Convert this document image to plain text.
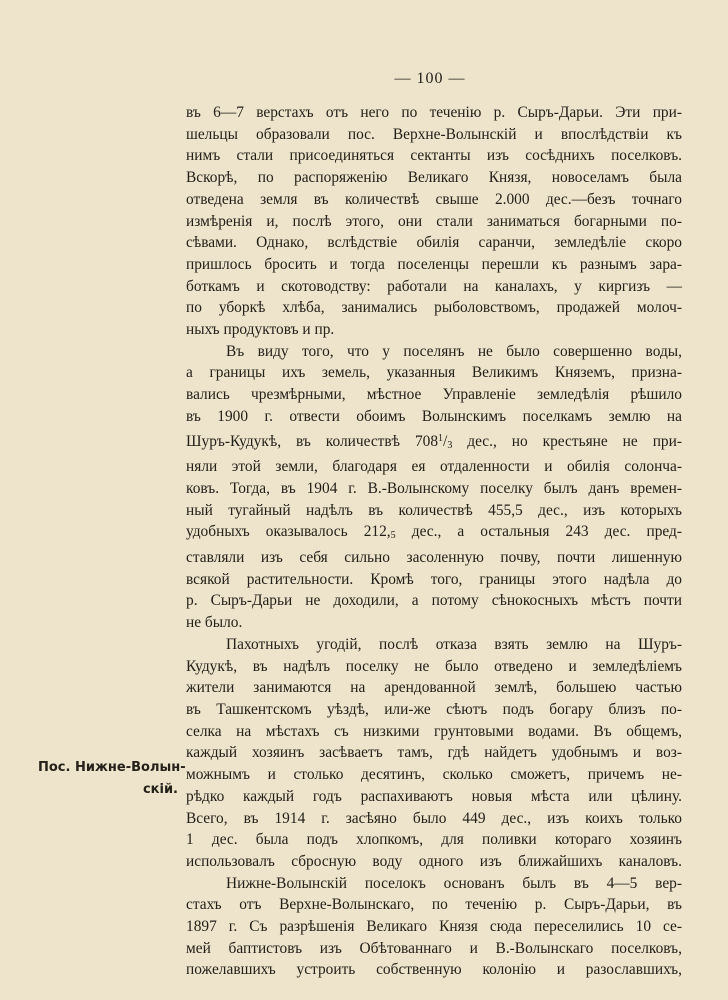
— 100 —
Пос. Нижне-Волын-
скій.
въ 6—7 верстахъ отъ него по теченію р. Сыръ-Дарьи. Эти при-
шельцы образовали пос. Верхне-Волынскій и впослѣдствіи къ
нимъ стали присоединяться сектанты изъ сосѣднихъ поселковъ.
Вскорѣ, по распоряженію Великаго Князя, новоселамъ была
отведена земля въ количествѣ свыше 2.000 дес.—безъ точнаго
измѣренія и, послѣ этого, они стали заниматься богарными по-
сѣвами. Однако, вслѣдствіе обилія саранчи, земледѣліе скоро
пришлось бросить и тогда поселенцы перешли къ разнымъ зара-
боткамъ и скотоводству: работали на каналахъ, у киргизъ —
по уборкѣ хлѣба, занимались рыболовствомъ, продажей молоч-
ныхъ продуктовъ и пр.
Въ виду того, что у поселянъ не было совершенно воды,
а границы ихъ земель, указанныя Великимъ Княземъ, призна-
вались чрезмѣрными, мѣстное Управленіе земледѣлія рѣшило
въ 1900 г. отвести обоимъ Волынскимъ поселкамъ землю на
Шуръ-Кудукѣ, въ количествѣ $708^1/_3$ дес., но крестьяне не при-
няли этой земли, благодаря ея отдаленности и обилія солонча-
ковъ. Тогда, въ 1904 г. В.-Волынскому поселку былъ данъ времен-
ный тугайный надѣлъ въ количествѣ 455,5 дес., изъ которыхъ
удобныхъ оказывалось $212,_5$ дес., а остальныя 243 дес. пред-
ставляли изъ себя сильно засоленную почву, почти лишенную
всякой растительности. Кромѣ того, границы этого надѣла до
р. Сыръ-Дарьи не доходили, а потому сѣнокосныхъ мѣстъ почти
не было.
Пахотныхъ угодій, послѣ отказа взять землю на Шуръ-
Кудукѣ, въ надѣлъ поселку не было отведено и земледѣліемъ
жители занимаются на арендованной землѣ, большею частью
въ Ташкентскомъ уѣздѣ, или-же сѣютъ подъ богару близъ по-
селка на мѣстахъ съ низкими грунтовыми водами. Въ общемъ,
каждый хозяинъ засѣваетъ тамъ, гдѣ найдетъ удобнымъ и воз-
можнымъ и столько десятинъ, сколько сможетъ, причемъ не-
рѣдко каждый годъ распахиваютъ новыя мѣста или цѣлину.
Всего, въ 1914 г. засѣяно было 449 дес., изъ коихъ только
1 дес. была подъ хлопкомъ, для поливки котораго хозяинъ
использовалъ сбросную воду одного изъ ближайшихъ каналовъ.
Нижне-Волынскій поселокъ основанъ былъ въ 4—5 вер-
стахъ отъ Верхне-Волынскаго, по теченію р. Сыръ-Дарьи, въ
1897 г. Съ разрѣшенія Великаго Князя сюда переселились 10 се-
мей баптистовъ изъ Обѣтованнаго и В.-Волынскаго поселковъ,
пожелавшихъ устроить собственную колонію и разославшихъ,
